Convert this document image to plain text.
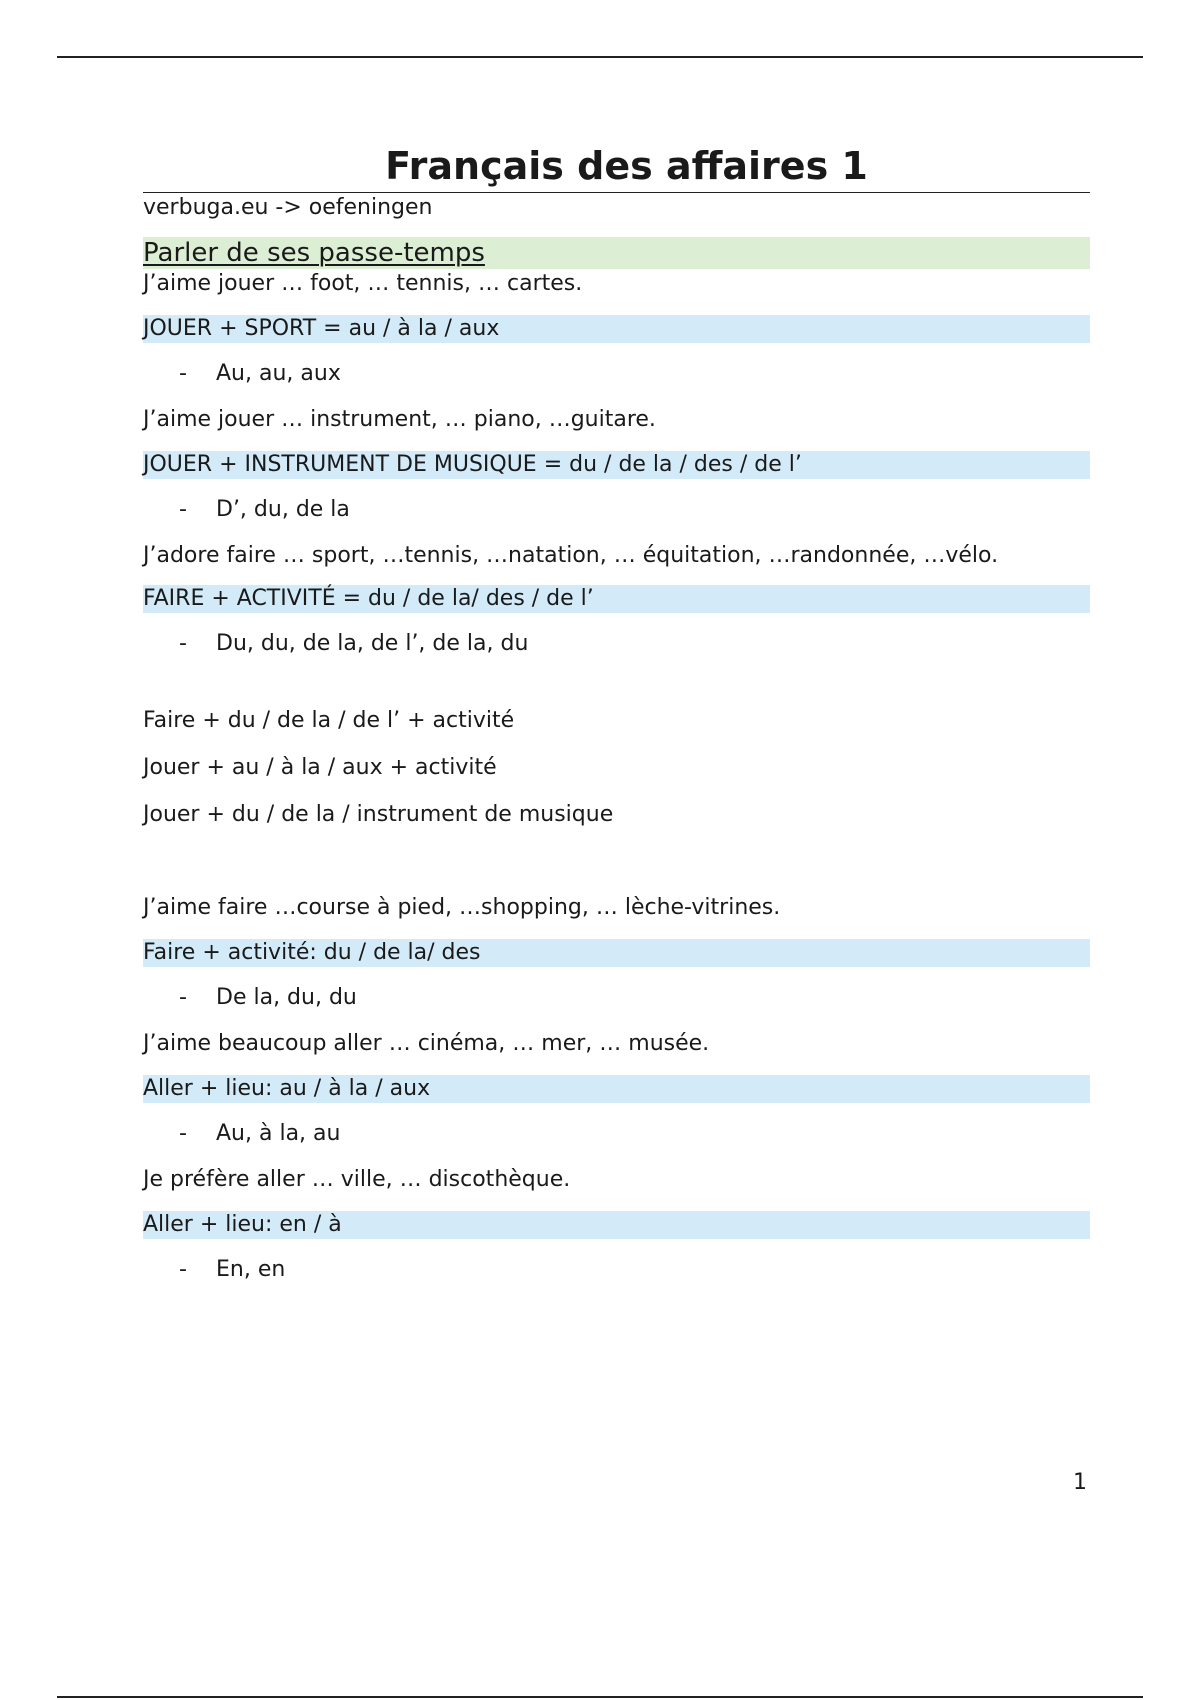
Français des affaires 1
verbuga.eu -> oefeningen
Parler de ses passe-temps
J’aime jouer … foot, … tennis, … cartes.
JOUER + SPORT = au / à la / aux
- Au, au, aux
J’aime jouer … instrument, … piano, …guitare.
JOUER + INSTRUMENT DE MUSIQUE = du / de la / des / de l’
- D’, du, de la
J’adore faire … sport, …tennis, …natation, … équitation, …randonnée, …vélo.
FAIRE + ACTIVITÉ = du / de la/ des / de l’
- Du, du, de la, de l’, de la, du
Faire + du / de la / de l’ + activité
Jouer + au / à la / aux + activité
Jouer + du / de la / instrument de musique
J’aime faire …course à pied, …shopping, … lèche-vitrines.
Faire + activité: du / de la/ des
- De la, du, du
J’aime beaucoup aller … cinéma, … mer, … musée.
Aller + lieu: au / à la / aux
- Au, à la, au
Je préfère aller … ville, … discothèque.
Aller + lieu: en / à
- En, en
1
